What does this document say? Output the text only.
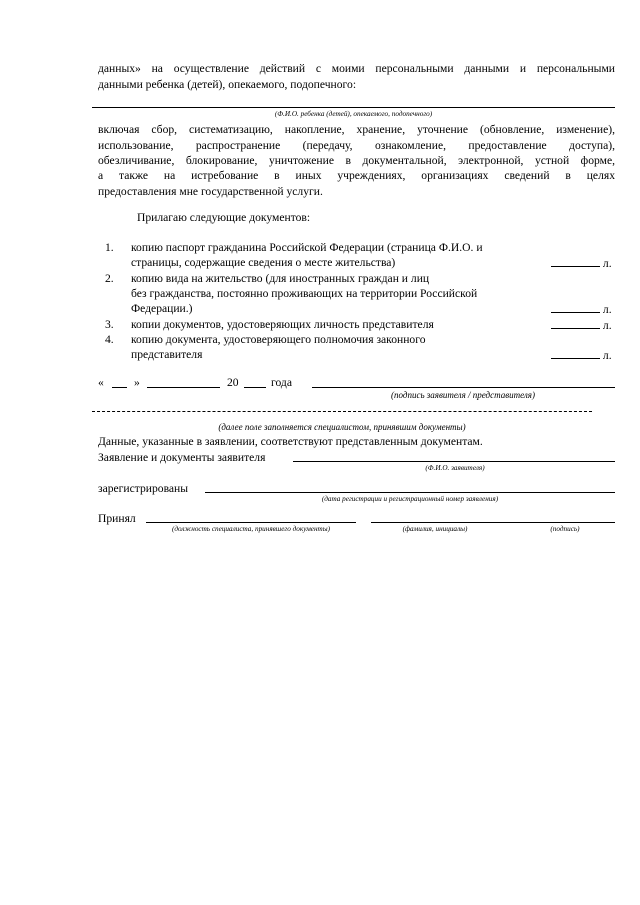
данных» на осуществление действий с моими персональными данными и персональными
данными ребенка (детей), опекаемого, подопечного:
(Ф.И.О. ребенка (детей), опекаемого, подопечного)
включая сбор, систематизацию, накопление, хранение, уточнение (обновление, изменение),
использование, распространение (передачу, ознакомление, предоставление доступа),
обезличивание, блокирование, уничтожение в документальной, электронной, устной форме,
а также на истребование в иных учреждениях, организациях сведений в целях
предоставления мне государственной услуги.
Прилагаю следующие документов:
1. копию паспорт гражданина Российской Федерации (страница Ф.И.О. и
страницы, содержащие сведения о месте жительства)	л.
2. копию вида на жительство (для иностранных граждан и лиц
без гражданства, постоянно проживающих на территории Российской
Федерации.)	л.
3. копии документов, удостоверяющих личность представителя	л.
4. копию документа, удостоверяющего полномочия законного
представителя	л.
«	»	20	года
(подпись заявителя / представителя)
(далее поле заполняется специалистом, принявшим документы)
Данные, указанные в заявлении, соответствуют представленным документам.
Заявление и документы заявителя
(Ф.И.О. заявителя)
зарегистрированы
(дата регистрации и регистрационный номер заявления)
Принял
(должность специалиста, принявшего документы)	(фамилия, инициалы)	(подпись)
